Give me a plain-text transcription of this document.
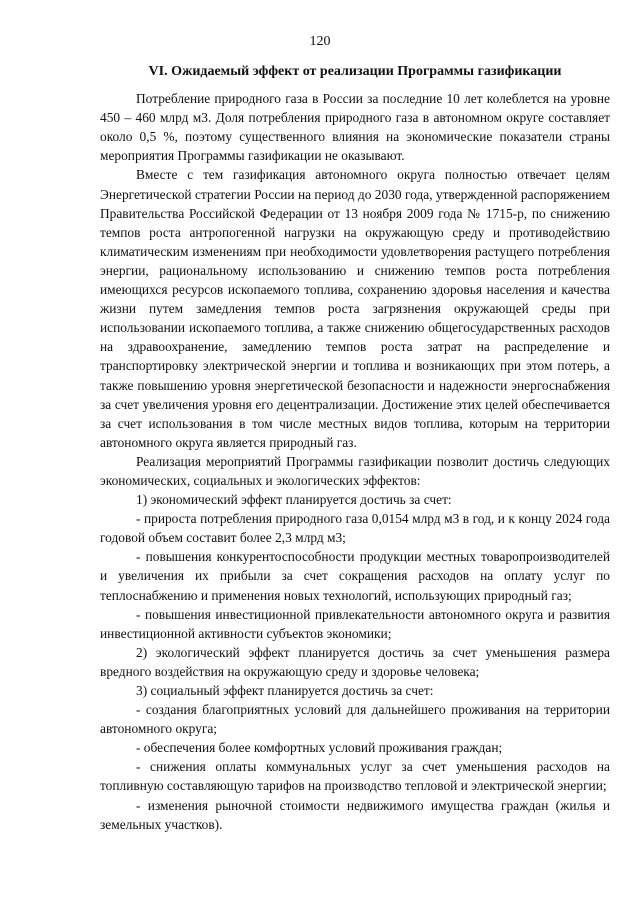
120
VI. Ожидаемый эффект от реализации Программы газификации

Потребление природного газа в России за последние 10 лет колеблется на уровне 450 – 460 млрд м3. Доля потребления природного газа в автономном округе составляет около 0,5 %, поэтому существенного влияния на экономические показатели страны мероприятия Программы газификации не оказывают.

Вместе с тем газификация автономного округа полностью отвечает целям Энергетической стратегии России на период до 2030 года, утвержденной распоряжением Правительства Российской Федерации от 13 ноября 2009 года № 1715-р, по снижению темпов роста антропогенной нагрузки на окружающую среду и противодействию климатическим изменениям при необходимости удовлетворения растущего потребления энергии, рациональному использованию и снижению темпов роста потребления имеющихся ресурсов ископаемого топлива, сохранению здоровья населения и качества жизни путем замедления темпов роста загрязнения окружающей среды при использовании ископаемого топлива, а также снижению общегосударственных расходов на здравоохранение, замедлению темпов роста затрат на распределение и транспортировку электрической энергии и топлива и возникающих при этом потерь, а также повышению уровня энергетической безопасности и надежности энергоснабжения за счет увеличения уровня его децентрализации. Достижение этих целей обеспечивается за счет использования в том числе местных видов топлива, которым на территории автономного округа является природный газ.

Реализация мероприятий Программы газификации позволит достичь следующих экономических, социальных и экологических эффектов:

1) экономический эффект планируется достичь за счет:

- прироста потребления природного газа 0,0154 млрд м3 в год, и к концу 2024 года годовой объем составит более 2,3 млрд м3;

- повышения конкурентоспособности продукции местных товаропроизводителей и увеличения их прибыли за счет сокращения расходов на оплату услуг по теплоснабжению и применения новых технологий, использующих природный газ;

- повышения инвестиционной привлекательности автономного округа и развития инвестиционной активности субъектов экономики;

2) экологический эффект планируется достичь за счет уменьшения размера вредного воздействия на окружающую среду и здоровье человека;

3) социальный эффект планируется достичь за счет:

- создания благоприятных условий для дальнейшего проживания на территории автономного округа;

- обеспечения более комфортных условий проживания граждан;

- снижения оплаты коммунальных услуг за счет уменьшения расходов на топливную составляющую тарифов на производство тепловой и электрической энергии;

- изменения рыночной стоимости недвижимого имущества граждан (жилья и земельных участков).
